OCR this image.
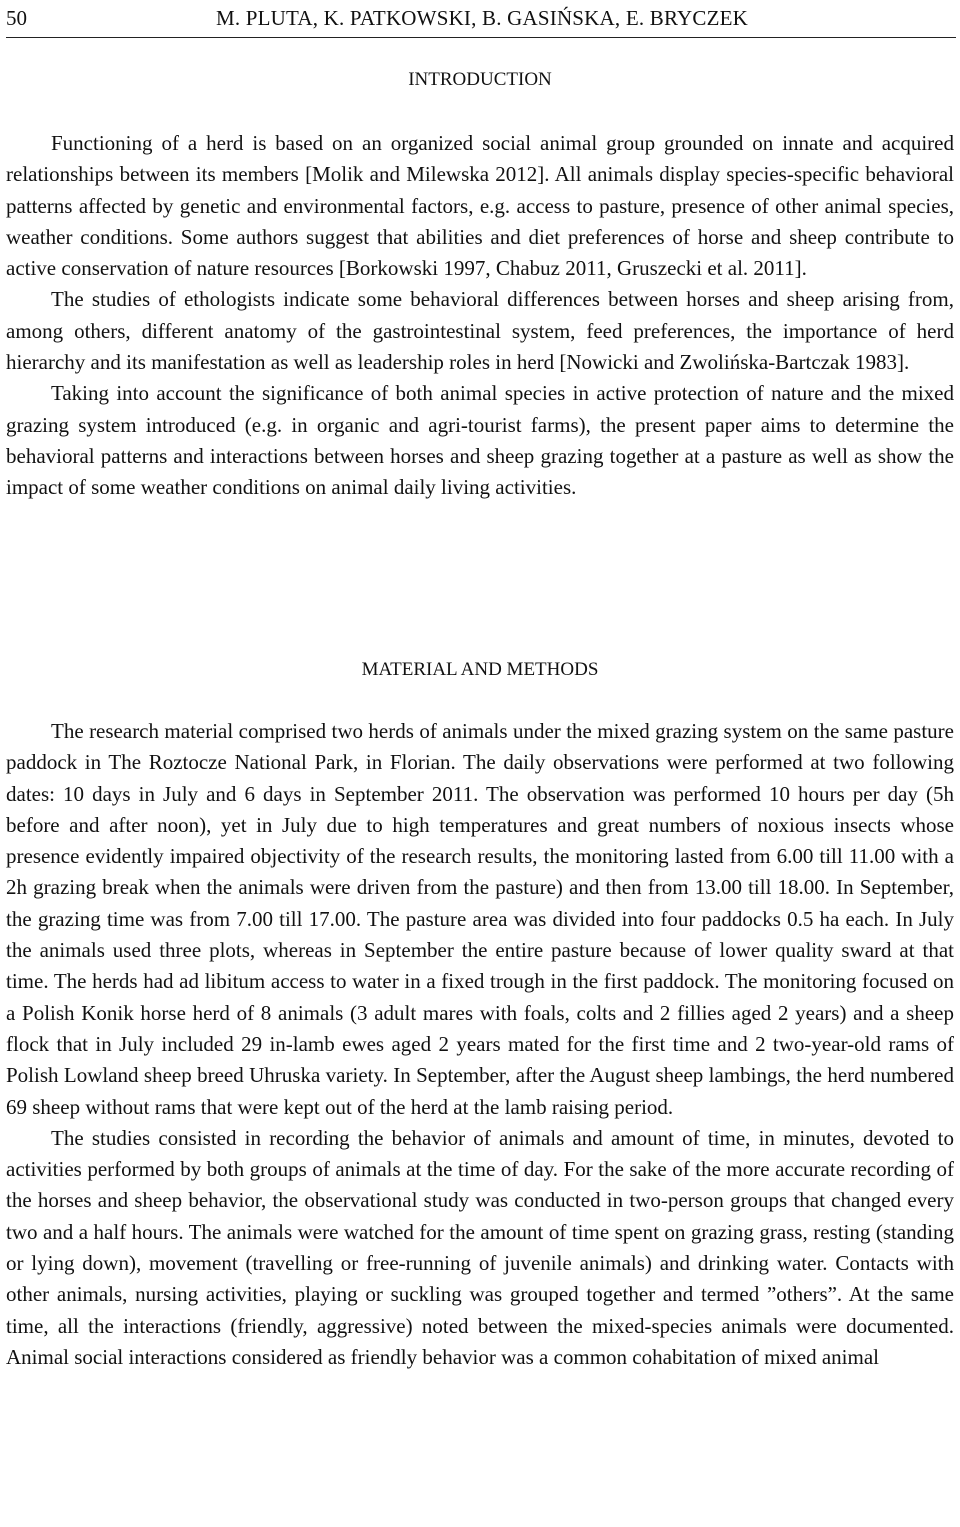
50	M. PLUTA, K. PATKOWSKI, B. GASIŃSKA, E. BRYCZEK
INTRODUCTION

Functioning of a herd is based on an organized social animal group grounded on innate and acquired relationships between its members [Molik and Milewska 2012]. All animals display species-specific behavioral patterns affected by genetic and environmental factors, e.g. access to pasture, presence of other animal species, weather conditions. Some authors suggest that abilities and diet preferences of horse and sheep contribute to active conservation of nature resources [Borkowski 1997, Chabuz 2011, Gruszecki et al. 2011].

The studies of ethologists indicate some behavioral differences between horses and sheep arising from, among others, different anatomy of the gastrointestinal system, feed preferences, the importance of herd hierarchy and its manifestation as well as leadership roles in herd [Nowicki and Zwolińska-Bartczak 1983].

Taking into account the significance of both animal species in active protection of nature and the mixed grazing system introduced (e.g. in organic and agri-tourist farms), the present paper aims to determine the behavioral patterns and interactions between horses and sheep grazing together at a pasture as well as show the impact of some weather conditions on animal daily living activities.

MATERIAL AND METHODS

The research material comprised two herds of animals under the mixed grazing system on the same pasture paddock in The Roztocze National Park, in Florian. The daily observations were performed at two following dates: 10 days in July and 6 days in September 2011. The observation was performed 10 hours per day (5h before and after noon), yet in July due to high temperatures and great numbers of noxious insects whose presence evidently impaired objectivity of the research results, the monitoring lasted from 6.00 till 11.00 with a 2h grazing break when the animals were driven from the pasture) and then from 13.00 till 18.00. In September, the grazing time was from 7.00 till 17.00. The pasture area was divided into four paddocks 0.5 ha each. In July the animals used three plots, whereas in September the entire pasture because of lower quality sward at that time. The herds had ad libitum access to water in a fixed trough in the first paddock. The monitoring focused on a Polish Konik horse herd of 8 animals (3 adult mares with foals, colts and 2 fillies aged 2 years) and a sheep flock that in July included 29 in-lamb ewes aged 2 years mated for the first time and 2 two-year-old rams of Polish Lowland sheep breed Uhruska variety. In September, after the August sheep lambings, the herd numbered 69 sheep without rams that were kept out of the herd at the lamb raising period.

The studies consisted in recording the behavior of animals and amount of time, in minutes, devoted to activities performed by both groups of animals at the time of day. For the sake of the more accurate recording of the horses and sheep behavior, the observational study was conducted in two-person groups that changed every two and a half hours. The animals were watched for the amount of time spent on grazing grass, resting (standing or lying down), movement (travelling or free-running of juvenile animals) and drinking water. Contacts with other animals, nursing activities, playing or suckling was grouped together and termed ”others”. At the same time, all the interactions (friendly, aggressive) noted between the mixed-species animals were documented. Animal social interactions considered as friendly behavior was a common cohabitation of mixed animal
